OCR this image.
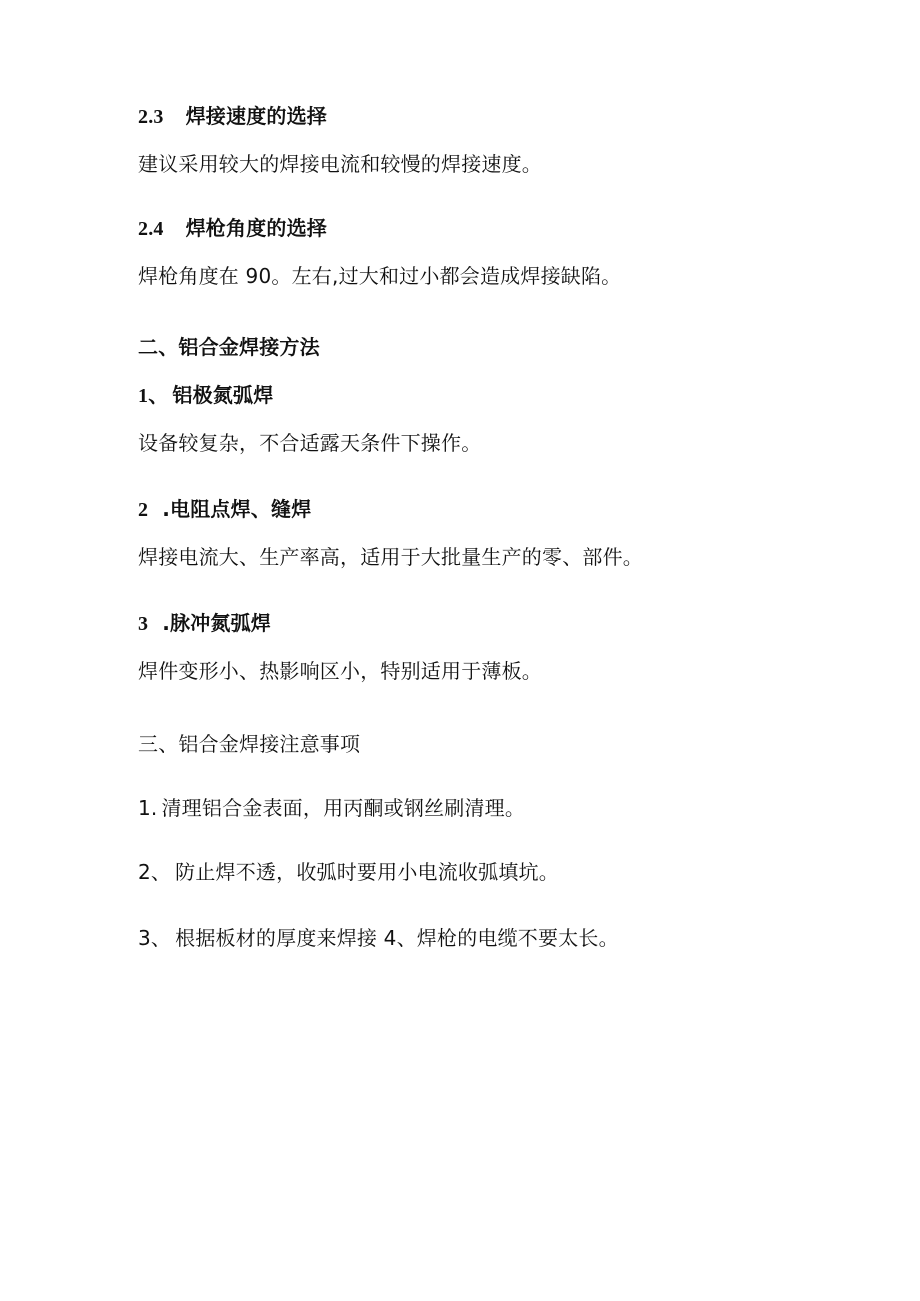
2.3 焊接速度的选择
建议采用较大的焊接电流和较慢的焊接速度。
2.4 焊枪角度的选择
焊枪角度在 90。左右,过大和过小都会造成焊接缺陷。
二、铝合金焊接方法
1、 铝极氮弧焊
设备较复杂，不合适露天条件下操作。
2 .电阻点焊、缝焊
焊接电流大、生产率高，适用于大批量生产的零、部件。
3 .脉冲氮弧焊
焊件变形小、热影响区小，特别适用于薄板。
三、铝合金焊接注意事项
1. 清理铝合金表面，用丙酮或钢丝刷清理。
2、 防止焊不透，收弧时要用小电流收弧填坑。
3、 根据板材的厚度来焊接 4、焊枪的电缆不要太长。
